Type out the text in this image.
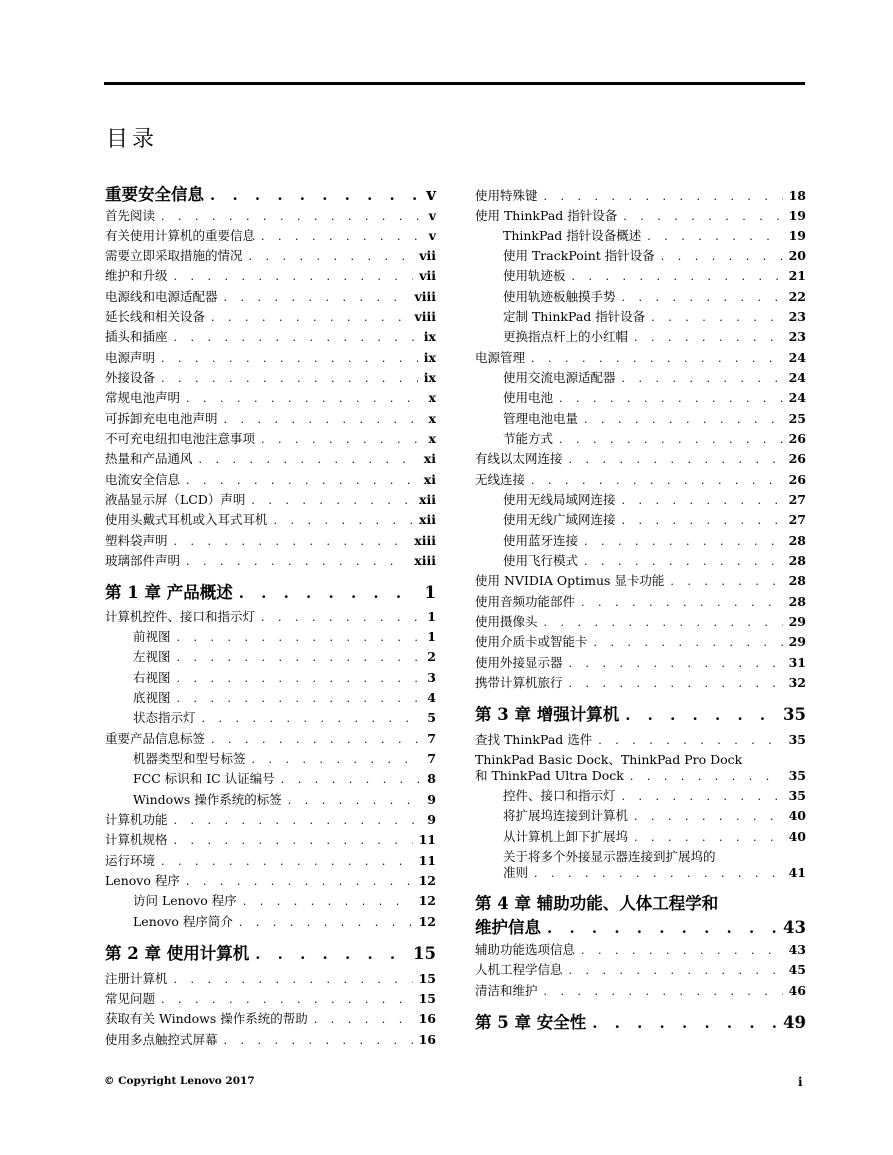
目录
重要安全信息 . . .	v
首先阅读 . . .	v
有关使用计算机的重要信息 . . .	v
需要立即采取措施的情况 . . .	vii
维护和升级 . . .	vii
电源线和电源适配器 . . .	viii
延长线和相关设备 . . .	viii
插头和插座 . . .	ix
电源声明 . . .	ix
外接设备 . . .	ix
常规电池声明 . . .	x
可拆卸充电电池声明 . . .	x
不可充电纽扣电池注意事项 . . .	x
热量和产品通风 . . .	xi
电流安全信息 . . .	xi
液晶显示屏（LCD）声明 . . .	xii
使用头戴式耳机或入耳式耳机 . . .	xii
塑料袋声明 . . .	xiii
玻璃部件声明 . . .	xiii
第 1 章 产品概述 . . .	1
计算机控件、接口和指示灯 . . .	1
前视图 . . .	1
左视图 . . .	2
右视图 . . .	3
底视图 . . .	4
状态指示灯 . . .	5
重要产品信息标签 . . .	7
机器类型和型号标签 . . .	7
FCC 标识和 IC 认证编号 . . .	8
Windows 操作系统的标签 . . .	9
计算机功能 . . .	9
计算机规格 . . .	11
运行环境 . . .	11
Lenovo 程序 . . .	12
访问 Lenovo 程序 . . .	12
Lenovo 程序简介 . . .	12
第 2 章 使用计算机 . . .	15
注册计算机 . . .	15
常见问题 . . .	15
获取有关 Windows 操作系统的帮助 . . .	16
使用多点触控式屏幕 . . .	16
使用特殊键 . . .	18
使用 ThinkPad 指针设备 . . .	19
ThinkPad 指针设备概述 . . .	19
使用 TrackPoint 指针设备 . . .	20
使用轨迹板 . . .	21
使用轨迹板触摸手势 . . .	22
定制 ThinkPad 指针设备 . . .	23
更换指点杆上的小红帽 . . .	23
电源管理 . . .	24
使用交流电源适配器 . . .	24
使用电池 . . .	24
管理电池电量 . . .	25
节能方式 . . .	26
有线以太网连接 . . .	26
无线连接 . . .	26
使用无线局域网连接 . . .	27
使用无线广域网连接 . . .	27
使用蓝牙连接 . . .	28
使用飞行模式 . . .	28
使用 NVIDIA Optimus 显卡功能 . . .	28
使用音频功能部件 . . .	28
使用摄像头 . . .	29
使用介质卡或智能卡 . . .	29
使用外接显示器 . . .	31
携带计算机旅行 . . .	32
第 3 章 增强计算机 . . .	35
查找 ThinkPad 选件 . . .	35
ThinkPad Basic Dock、ThinkPad Pro Dock
和 ThinkPad Ultra Dock . . .	35
控件、接口和指示灯 . . .	35
将扩展坞连接到计算机 . . .	40
从计算机上卸下扩展坞 . . .	40
关于将多个外接显示器连接到扩展坞的
准则 . . .	41
第 4 章 辅助功能、人体工程学和
维护信息 . . .	43
辅助功能选项信息 . . .	43
人机工程学信息 . . .	45
清洁和维护 . . .	46
第 5 章 安全性 . . .	49
© Copyright Lenovo 2017	i
